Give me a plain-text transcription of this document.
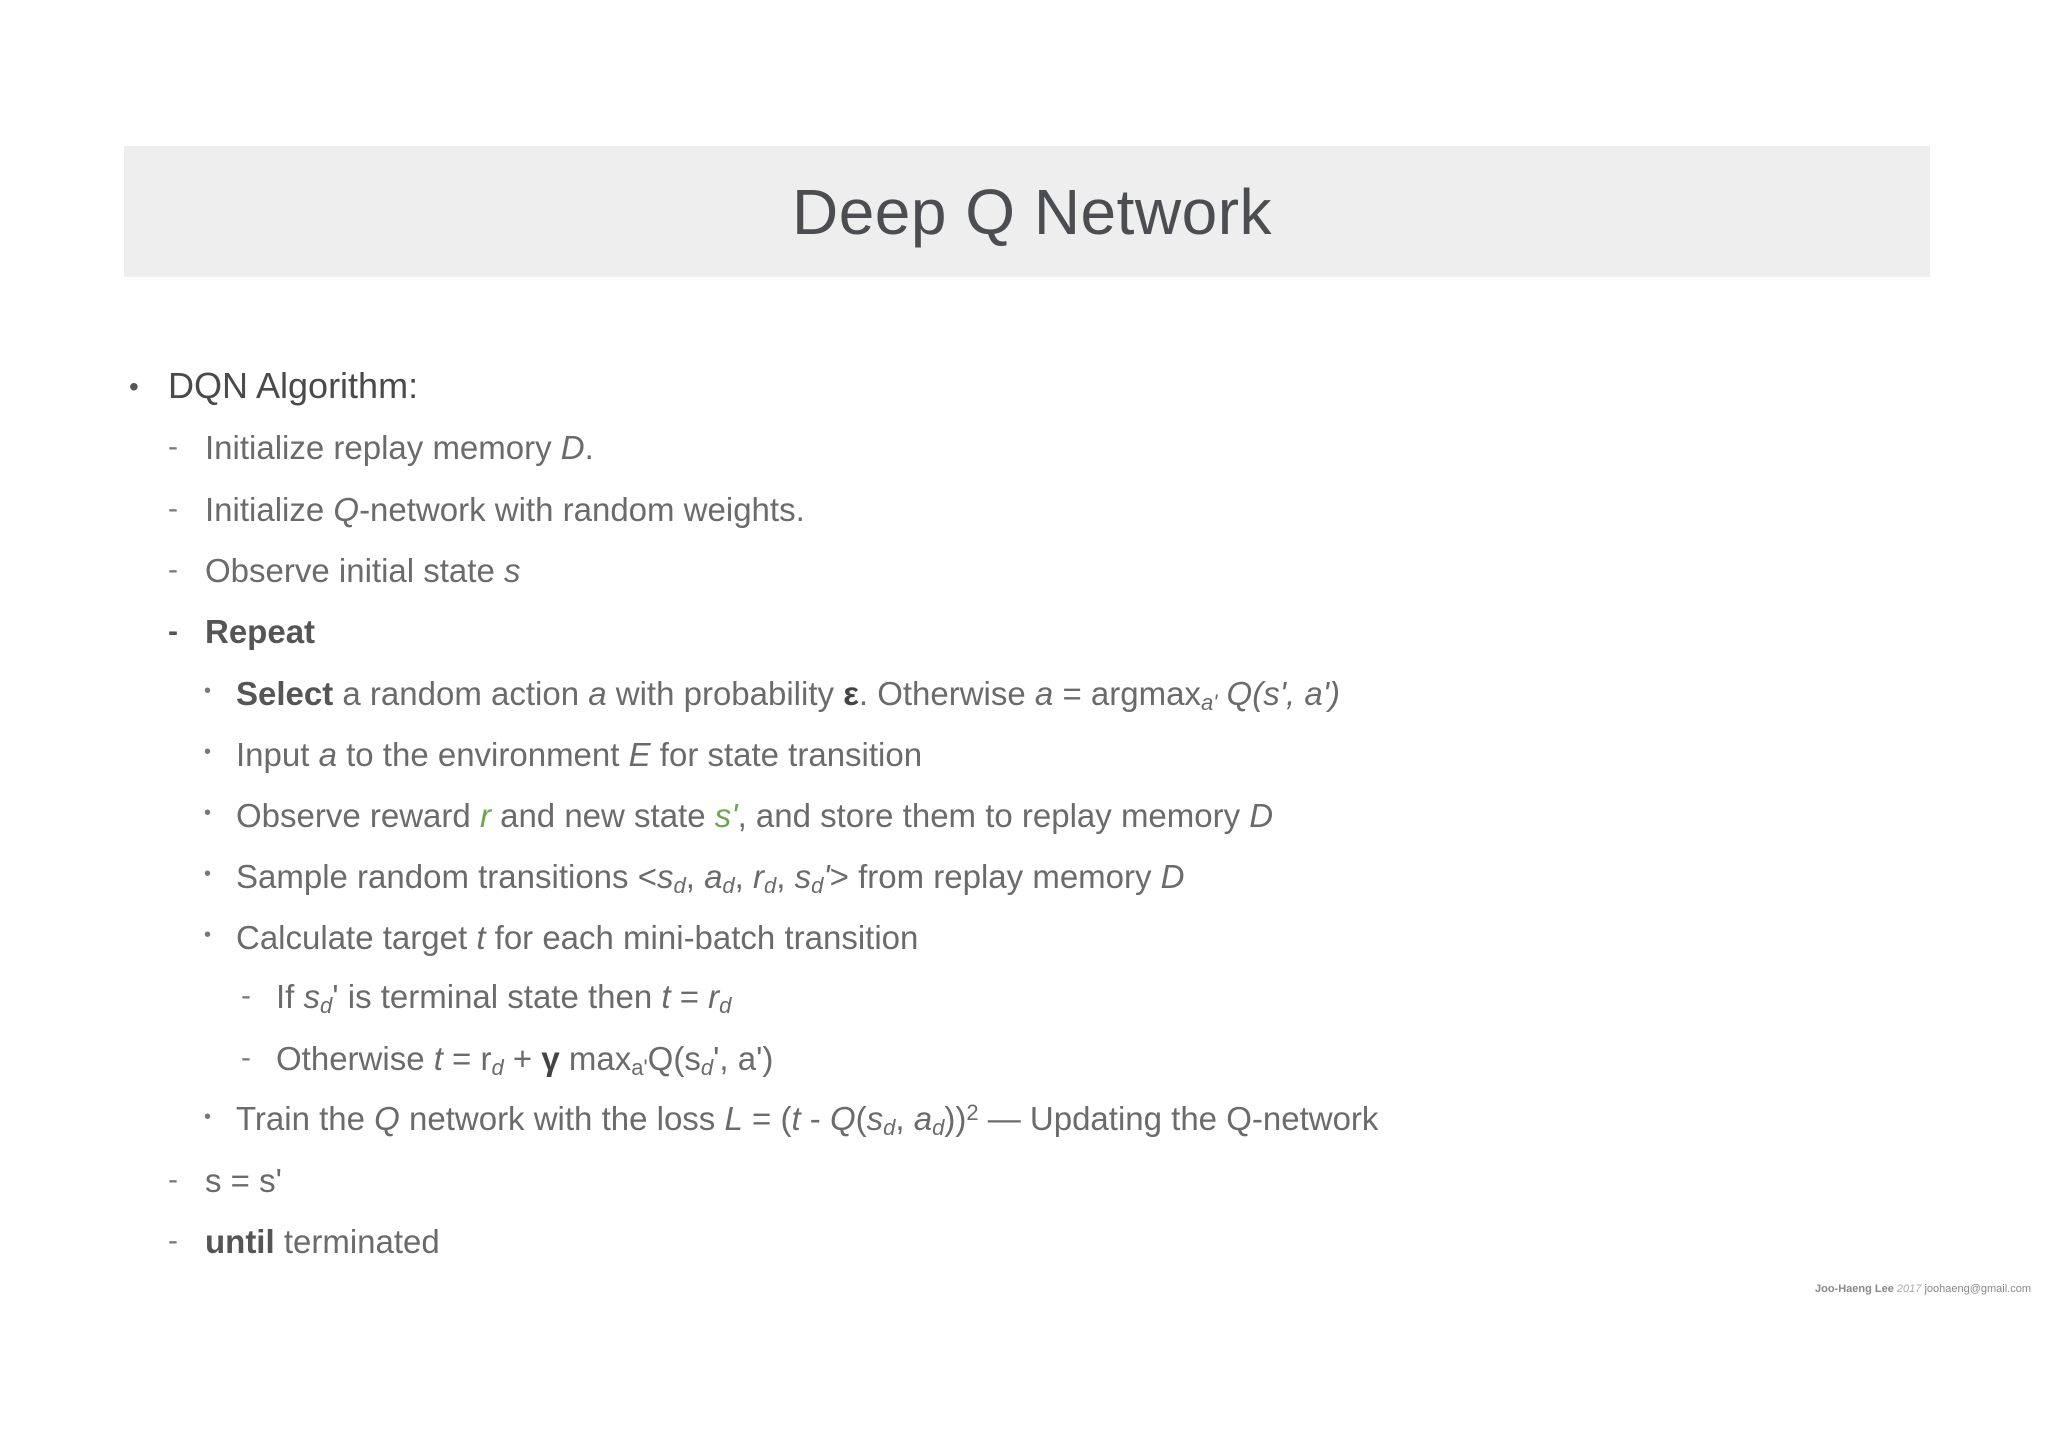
Deep Q Network
• DQN Algorithm:
- Initialize replay memory D.
- Initialize Q-network with random weights.
- Observe initial state s
- Repeat
• Select a random action a with probability ε. Otherwise a = argmax$_{a'}$ Q(s', a')
• Input a to the environment E for state transition
• Observe reward r and new state s', and store them to replay memory D
• Sample random transitions $<s_d$, $a_d$, $r_d$, $s_d'>$ from replay memory D
• Calculate target t for each mini-batch transition
- If $s_d'$ is terminal state then $t = r_d$
- Otherwise $t = r_d + \gamma$ $\max_{a'}Q(s_d'$, a')
• Train the Q network with the loss $L = (t - Q(s_d$, $a_d))^2$ — Updating the Q-network
- s = s'
- until terminated
Joo-Haeng Lee 2017 joohaeng@gmail.com
